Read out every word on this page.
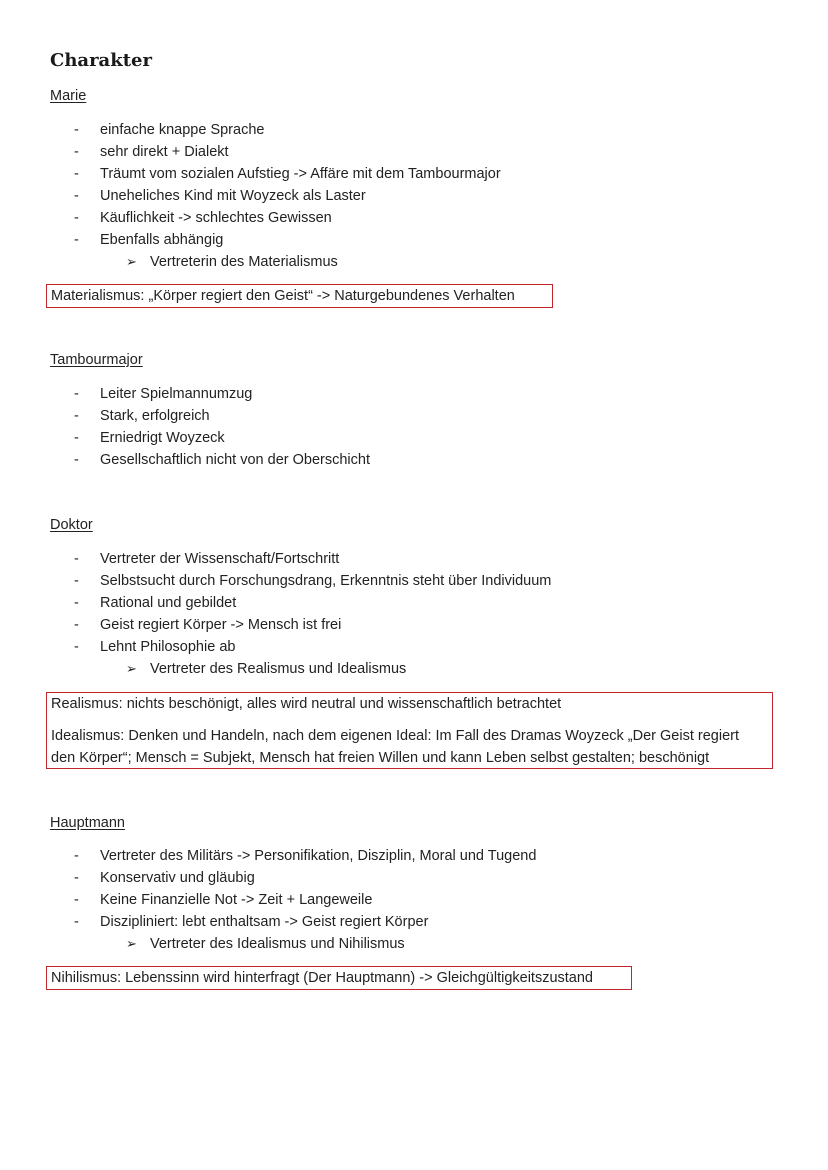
Charakter
Marie
- einfache knappe Sprache
- sehr direkt + Dialekt
- Träumt vom sozialen Aufstieg -> Affäre mit dem Tambourmajor
- Uneheliches Kind mit Woyzeck als Laster
- Käuflichkeit -> schlechtes Gewissen
- Ebenfalls abhängig
➢ Vertreterin des Materialismus

Materialismus: „Körper regiert den Geist“ -> Naturgebundenes Verhalten

Tambourmajor
- Leiter Spielmannumzug
- Stark, erfolgreich
- Erniedrigt Woyzeck
- Gesellschaftlich nicht von der Oberschicht
Doktor
- Vertreter der Wissenschaft/Fortschritt
- Selbstsucht durch Forschungsdrang, Erkenntnis steht über Individuum
- Rational und gebildet
- Geist regiert Körper -> Mensch ist frei
- Lehnt Philosophie ab
➢ Vertreter des Realismus und Idealismus

Realismus: nichts beschönigt, alles wird neutral und wissenschaftlich betrachtet

Idealismus: Denken und Handeln, nach dem eigenen Ideal: Im Fall des Dramas Woyzeck „Der Geist regiert

den Körper“; Mensch = Subjekt, Mensch hat freien Willen und kann Leben selbst gestalten; beschönigt

Hauptmann
- Vertreter des Militärs -> Personifikation, Disziplin, Moral und Tugend
- Konservativ und gläubig
- Keine Finanzielle Not -> Zeit + Langeweile
- Diszipliniert: lebt enthaltsam -> Geist regiert Körper
➢ Vertreter des Idealismus und Nihilismus

Nihilismus: Lebenssinn wird hinterfragt (Der Hauptmann) -> Gleichgültigkeitszustand
